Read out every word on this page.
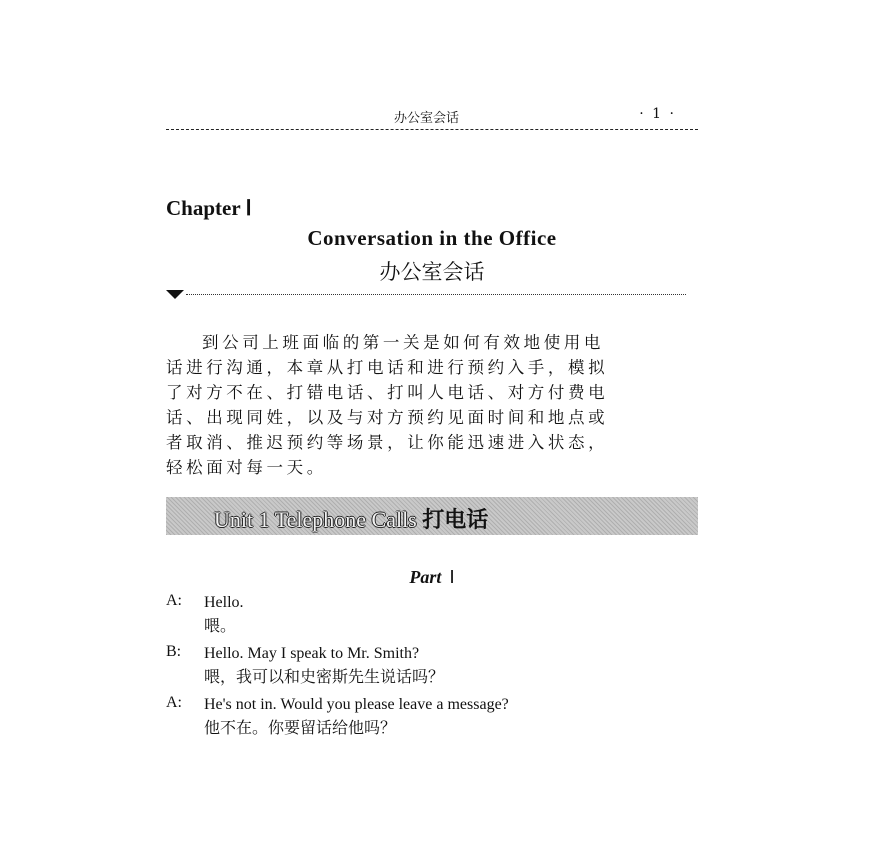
办公室会话	· 1 ·
Chapter Ⅰ
Conversation in the Office
办公室会话

到公司上班面临的第一关是如何有效地使用电
话进行沟通，本章从打电话和进行预约入手，模拟
了对方不在、打错电话、打叫人电话、对方付费电
话、出现同姓，以及与对方预约见面时间和地点或
者取消、推迟预约等场景，让你能迅速进入状态，
轻松面对每一天。

Unit 1 Telephone Calls 打电话
Part Ⅰ
A: Hello.
喂。
B: Hello. May I speak to Mr. Smith?
喂，我可以和史密斯先生说话吗？
A: He's not in. Would you please leave a message?
他不在。你要留话给他吗？
